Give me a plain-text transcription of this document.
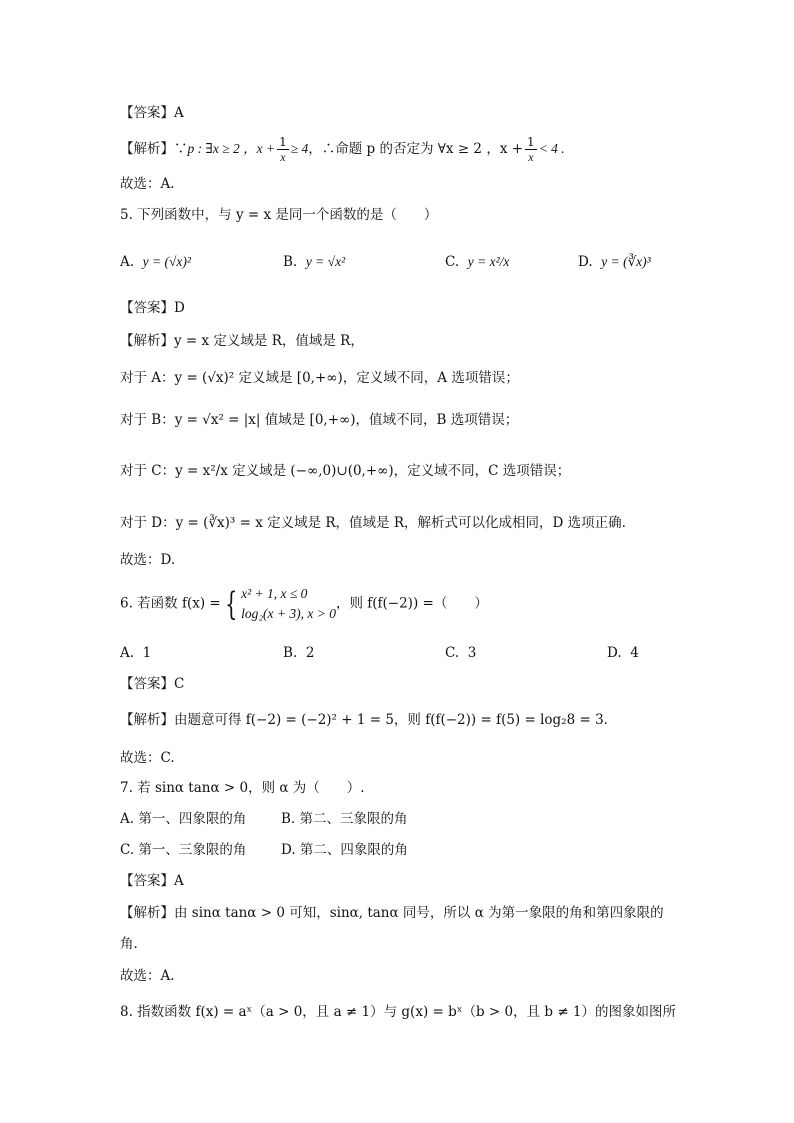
【答案】A
【解析】∵p : ∃x ≥ 2 ，$x + \frac{1}{x} \ge 4$，∴命题 p 的否定为 ∀x ≥ 2 ，$x + \frac{1}{x} < 4$ .
故选：A.
5. 下列函数中，与 y = x 是同一个函数的是（　　）
A. y = (√x)²	B. y = √x²	C. y = x²/x	D. y = (∛x)³
【答案】D
【解析】y = x 定义域是 R，值域是 R，
对于 A：y = (√x)² 定义域是 [0,+∞)，定义域不同，A 选项错误；
对于 B：y = √x² = |x| 值域是 [0,+∞)，值域不同，B 选项错误；
对于 C：y = x²/x 定义域是 (−∞,0)∪(0,+∞)，定义域不同，C 选项错误；
对于 D：y = (∛x)³ = x 定义域是 R，值域是 R，解析式可以化成相同，D 选项正确.
故选：D.
6. 若函数 f(x) = { x² + 1, x ≤ 0
log₂(x + 3), x > 0
，则 f(f(−2)) =（　　）
A. 1	B. 2	C. 3	D. 4
【答案】C
【解析】由题意可得 f(−2) = (−2)² + 1 = 5，则 f(f(−2)) = f(5) = log₂8 = 3.
故选：C.
7. 若 sinα tanα > 0，则 α 为（　　）.
A. 第一、四象限的角	B. 第二、三象限的角
C. 第一、三象限的角	D. 第二、四象限的角
【答案】A
【解析】由 sinα tanα > 0 可知，sinα, tanα 同号，所以 α 为第一象限的角和第四象限的
角.
故选：A.
8. 指数函数 f(x) = aˣ（a > 0，且 a ≠ 1）与 g(x) = bˣ（b > 0，且 b ≠ 1）的图象如图所
